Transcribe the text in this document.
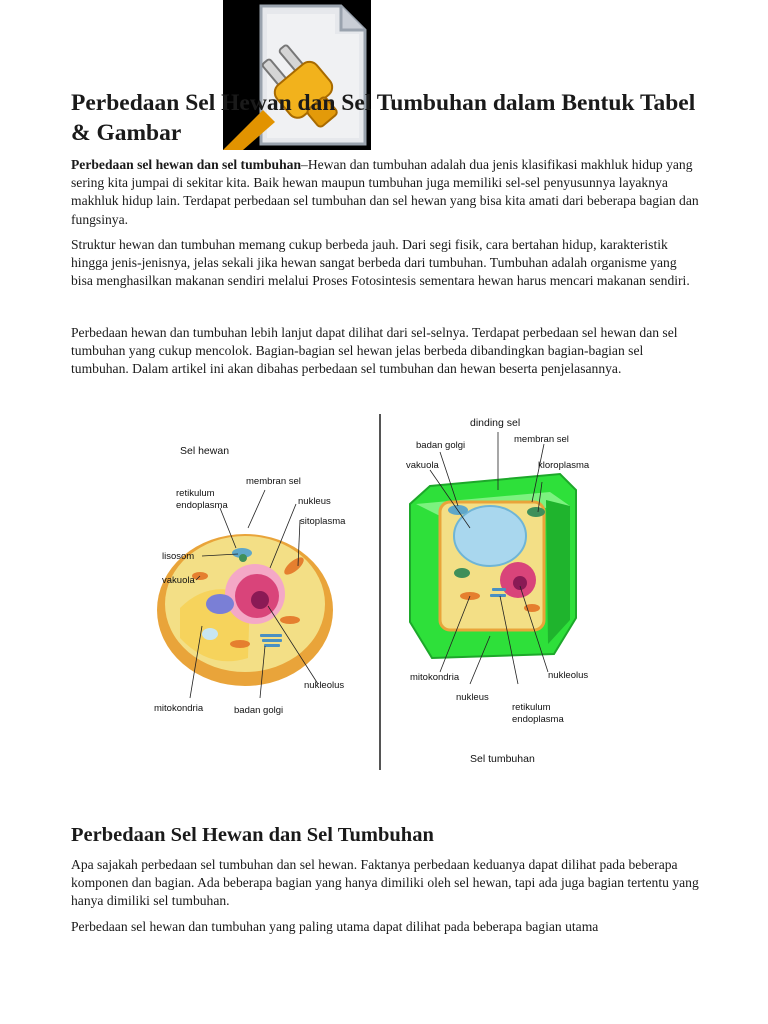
Perbedaan Sel Hewan dan Sel Tumbuhan dalam Bentuk Tabel & Gambar

Perbedaan sel hewan dan sel tumbuhan–Hewan dan tumbuhan adalah dua jenis klasifikasi makhluk hidup yang sering kita jumpai di sekitar kita. Baik hewan maupun tumbuhan juga memiliki sel-sel penyusunnya layaknya makhluk hidup lain. Terdapat perbedaan sel tumbuhan dan sel hewan yang bisa kita amati dari beberapa bagian dan fungsinya.

Struktur hewan dan tumbuhan memang cukup berbeda jauh. Dari segi fisik, cara bertahan hidup, karakteristik hingga jenis-jenisnya, jelas sekali jika hewan sangat berbeda dari tumbuhan. Tumbuhan adalah organisme yang bisa menghasilkan makanan sendiri melalui Proses Fotosintesis sementara hewan harus mencari makanan sendiri.

Perbedaan hewan dan tumbuhan lebih lanjut dapat dilihat dari sel-selnya. Terdapat perbedaan sel hewan dan sel tumbuhan yang cukup mencolok. Bagian-bagian sel hewan jelas berbeda dibandingkan bagian-bagian sel tumbuhan. Dalam artikel ini akan dibahas perbedaan sel tumbuhan dan hewan beserta penjelasannya.

Sel hewan
membran sel
retikulum
endoplasma	nukleus
sitoplasma
lisosom
vakuola
mitokondria	badan golgi
nukleolus
dinding sel
badan golgi
membran sel
vakuola	kloroplasma
mitokondria
nukleus
retikulum
endoplasma
nukleolus
Sel tumbuhan
Perbedaan Sel Hewan dan Sel Tumbuhan

Apa sajakah perbedaan sel tumbuhan dan sel hewan. Faktanya perbedaan keduanya dapat dilihat pada beberapa komponen dan bagian. Ada beberapa bagian yang hanya dimiliki oleh sel hewan, tapi ada juga bagian tertentu yang hanya dimiliki sel tumbuhan.

Perbedaan sel hewan dan tumbuhan yang paling utama dapat dilihat pada beberapa bagian utama
